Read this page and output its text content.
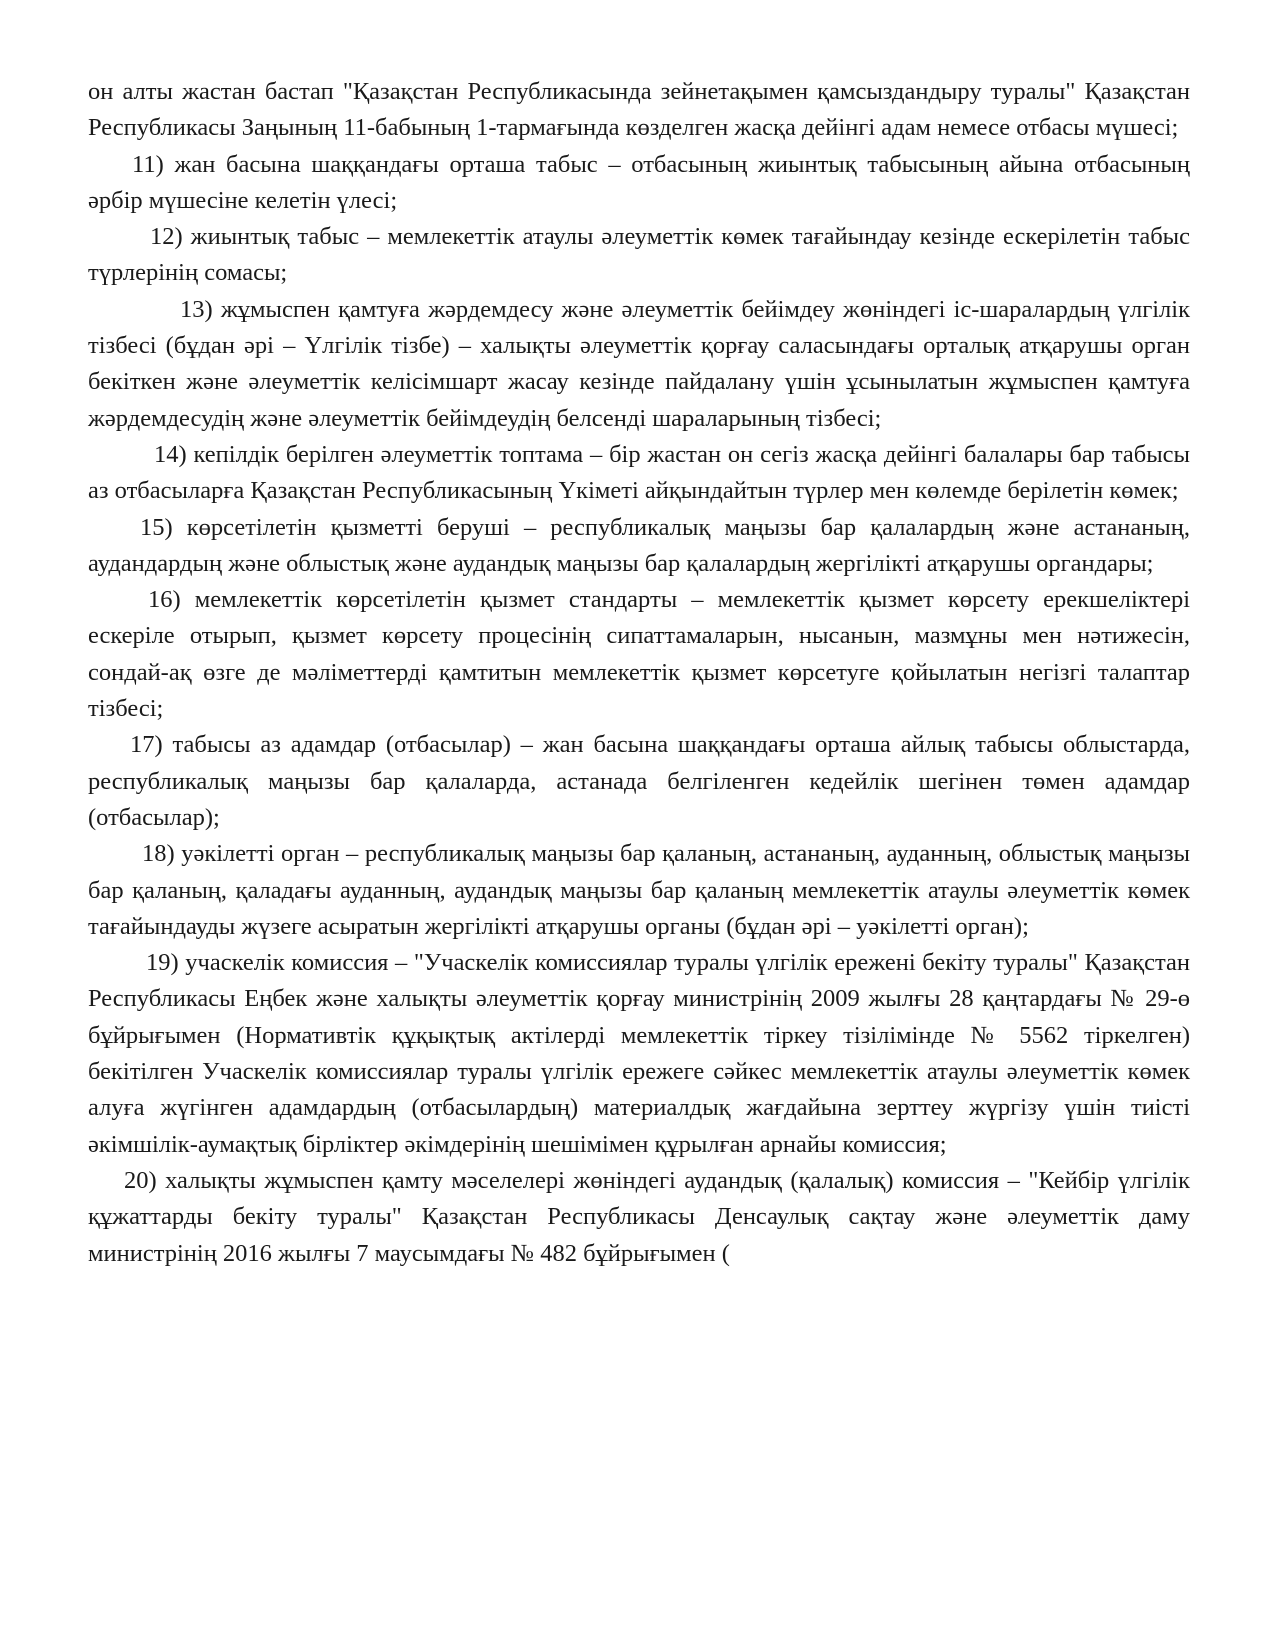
он алты жастан бастап "Қазақстан Республикасында зейнетақымен қамсыздандыру туралы" Қазақстан Республикасы Заңының 11-бабының 1-тармағында көзделген жасқа дейінгі адам немесе отбасы мүшесі;

11) жан басына шаққандағы орташа табыс – отбасының жиынтық табысының айына отбасының әрбір мүшесіне келетін үлесі;

12) жиынтық табыс – мемлекеттік атаулы әлеуметтік көмек тағайындау кезінде ескерілетін табыс түрлерінің сомасы;

13) жұмыспен қамтуға жәрдемдесу және әлеуметтік бейімдеу жөніндегі іс-шаралардың үлгілік тізбесі (бұдан әрі – Үлгілік тізбе) – халықты әлеуметтік қорғау саласындағы орталық атқарушы орган бекіткен және әлеуметтік келісімшарт жасау кезінде пайдалану үшін ұсынылатын жұмыспен қамтуға жәрдемдесудің және әлеуметтік бейімдеудің белсенді шараларының тізбесі;

14) кепілдік берілген әлеуметтік топтама – бір жастан он сегіз жасқа дейінгі балалары бар табысы аз отбасыларға Қазақстан Республикасының Үкіметі айқындайтын түрлер мен көлемде берілетін көмек;

15) көрсетілетін қызметті беруші – республикалық маңызы бар қалалардың және астананың, аудандардың және облыстық және аудандық маңызы бар қалалардың жергілікті атқарушы органдары;

16) мемлекеттік көрсетілетін қызмет стандарты – мемлекеттік қызмет көрсету ерекшеліктері ескеріле отырып, қызмет көрсету процесінің сипаттамаларын, нысанын, мазмұны мен нәтижесін, сондай-ақ өзге де мәліметтерді қамтитын мемлекеттік қызмет көрсетуге қойылатын негізгі талаптар тізбесі;

17) табысы аз адамдар (отбасылар) – жан басына шаққандағы орташа айлық табысы облыстарда, республикалық маңызы бар қалаларда, астанада белгіленген кедейлік шегінен төмен адамдар (отбасылар);

18) уәкілетті орган – республикалық маңызы бар қаланың, астананың, ауданның, облыстық маңызы бар қаланың, қаладағы ауданның, аудандық маңызы бар қаланың мемлекеттік атаулы әлеуметтік көмек тағайындауды жүзеге асыратын жергілікті атқарушы органы (бұдан әрі – уәкілетті орган);

19) учаскелік комиссия – "Учаскелік комиссиялар туралы үлгілік ережені бекіту туралы" Қазақстан Республикасы Еңбек және халықты әлеуметтік қорғау министрінің 2009 жылғы 28 қаңтардағы № 29-ө бұйрығымен (Нормативтік құқықтық актілерді мемлекеттік тіркеу тізілімінде № 5562 тіркелген) бекітілген Учаскелік комиссиялар туралы үлгілік ережеге сәйкес мемлекеттік атаулы әлеуметтік көмек алуға жүгінген адамдардың (отбасылардың) материалдық жағдайына зерттеу жүргізу үшін тиісті әкімшілік-аумақтық бірліктер әкімдерінің шешімімен құрылған арнайы комиссия;

20) халықты жұмыспен қамту мәселелері жөніндегі аудандық (қалалық) комиссия – "Кейбір үлгілік құжаттарды бекіту туралы" Қазақстан Республикасы Денсаулық сақтау және әлеуметтік даму министрінің 2016 жылғы 7 маусымдағы № 482 бұйрығымен (
